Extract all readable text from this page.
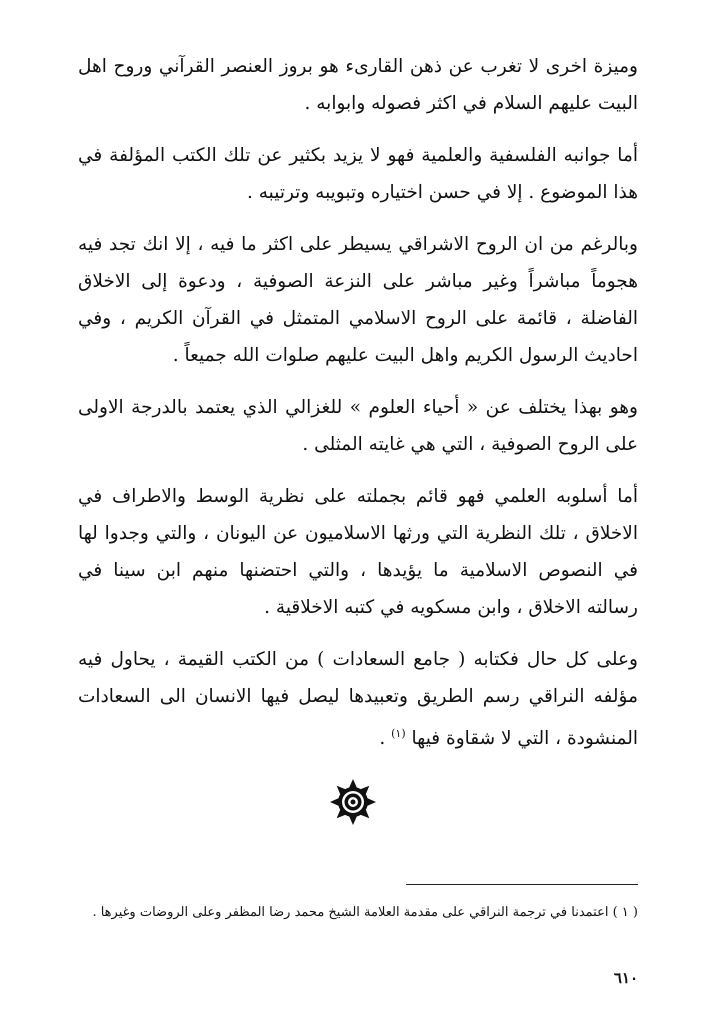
وميزة اخرى لا تغرب عن ذهن القارىء هو بروز العنصر القرآني وروح اهل البيت عليهم السلام في اكثر فصوله وابوابه .

أما جوانبه الفلسفية والعلمية فهو لا يزيد بكثير عن تلك الكتب المؤلفة في هذا الموضوع . إلا في حسن اختياره وتبويبه وترتيبه .

وبالرغم من ان الروح الاشراقي يسيطر على اكثر ما فيه ، إلا انك تجد فيه هجوماً مباشراً وغير مباشر على النزعة الصوفية ، ودعوة إلى الاخلاق الفاضلة ، قائمة على الروح الاسلامي المتمثل في القرآن الكريم ، وفي احاديث الرسول الكريم واهل البيت عليهم صلوات الله جميعاً .

وهو بهذا يختلف عن « أحياء العلوم » للغزالي الذي يعتمد بالدرجة الاولى على الروح الصوفية ، التي هي غايته المثلى .

أما أسلوبه العلمي فهو قائم بجملته على نظرية الوسط والاطراف في الاخلاق ، تلك النظرية التي ورثها الاسلاميون عن اليونان ، والتي وجدوا لها في النصوص الاسلامية ما يؤيدها ، والتي احتضنها منهم ابن سينا في رسالته الاخلاق ، وابن مسكويه في كتبه الاخلاقية .

وعلى كل حال فكتابه ( جامع السعادات ) من الكتب القيمة ، يحاول فيه مؤلفه النراقي رسم الطريق وتعبيدها ليصل فيها الانسان الى السعادات المنشودة ، التي لا شقاوة فيها $^{(١)}$ .

( ١ ) اعتمدنا في ترجمة النراقي على مقدمة العلامة الشيخ محمد رضا المظفر وعلى الروضات وغيرها .

٦١٠
